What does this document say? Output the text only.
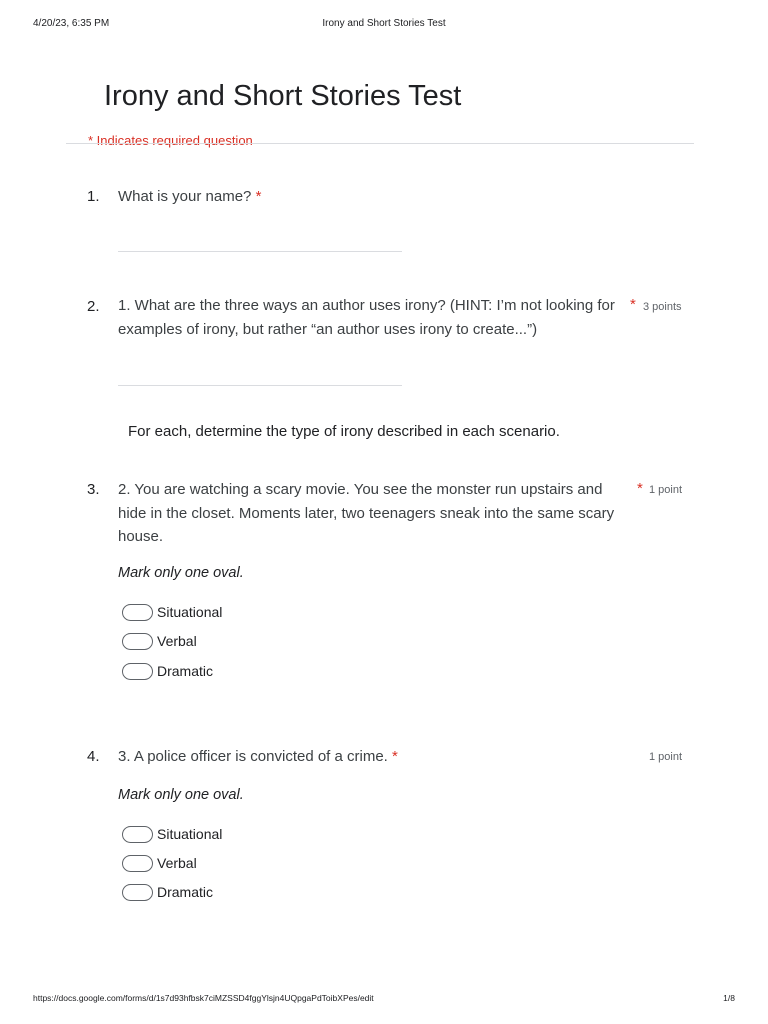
4/20/23, 6:35 PM	Irony and Short Stories Test
Irony and Short Stories Test
* Indicates required question
1. What is your name? *
2. 1. What are the three ways an author uses irony? (HINT: I’m not looking for
examples of irony, but rather “an author uses irony to create...”)
* 3 points
For each, determine the type of irony described in each scenario.
3. 2. You are watching a scary movie. You see the monster run upstairs and
hide in the closet. Moments later, two teenagers sneak into the same scary
house.
* 1 point
Mark only one oval.
Situational
Verbal
Dramatic
4. 3. A police officer is convicted of a crime. *	1 point
Mark only one oval.
Situational
Verbal
Dramatic
https://docs.google.com/forms/d/1s7d93hfbsk7ciMZSSD4fggYlsjn4UQpgaPdToibXPes/edit	1/8
